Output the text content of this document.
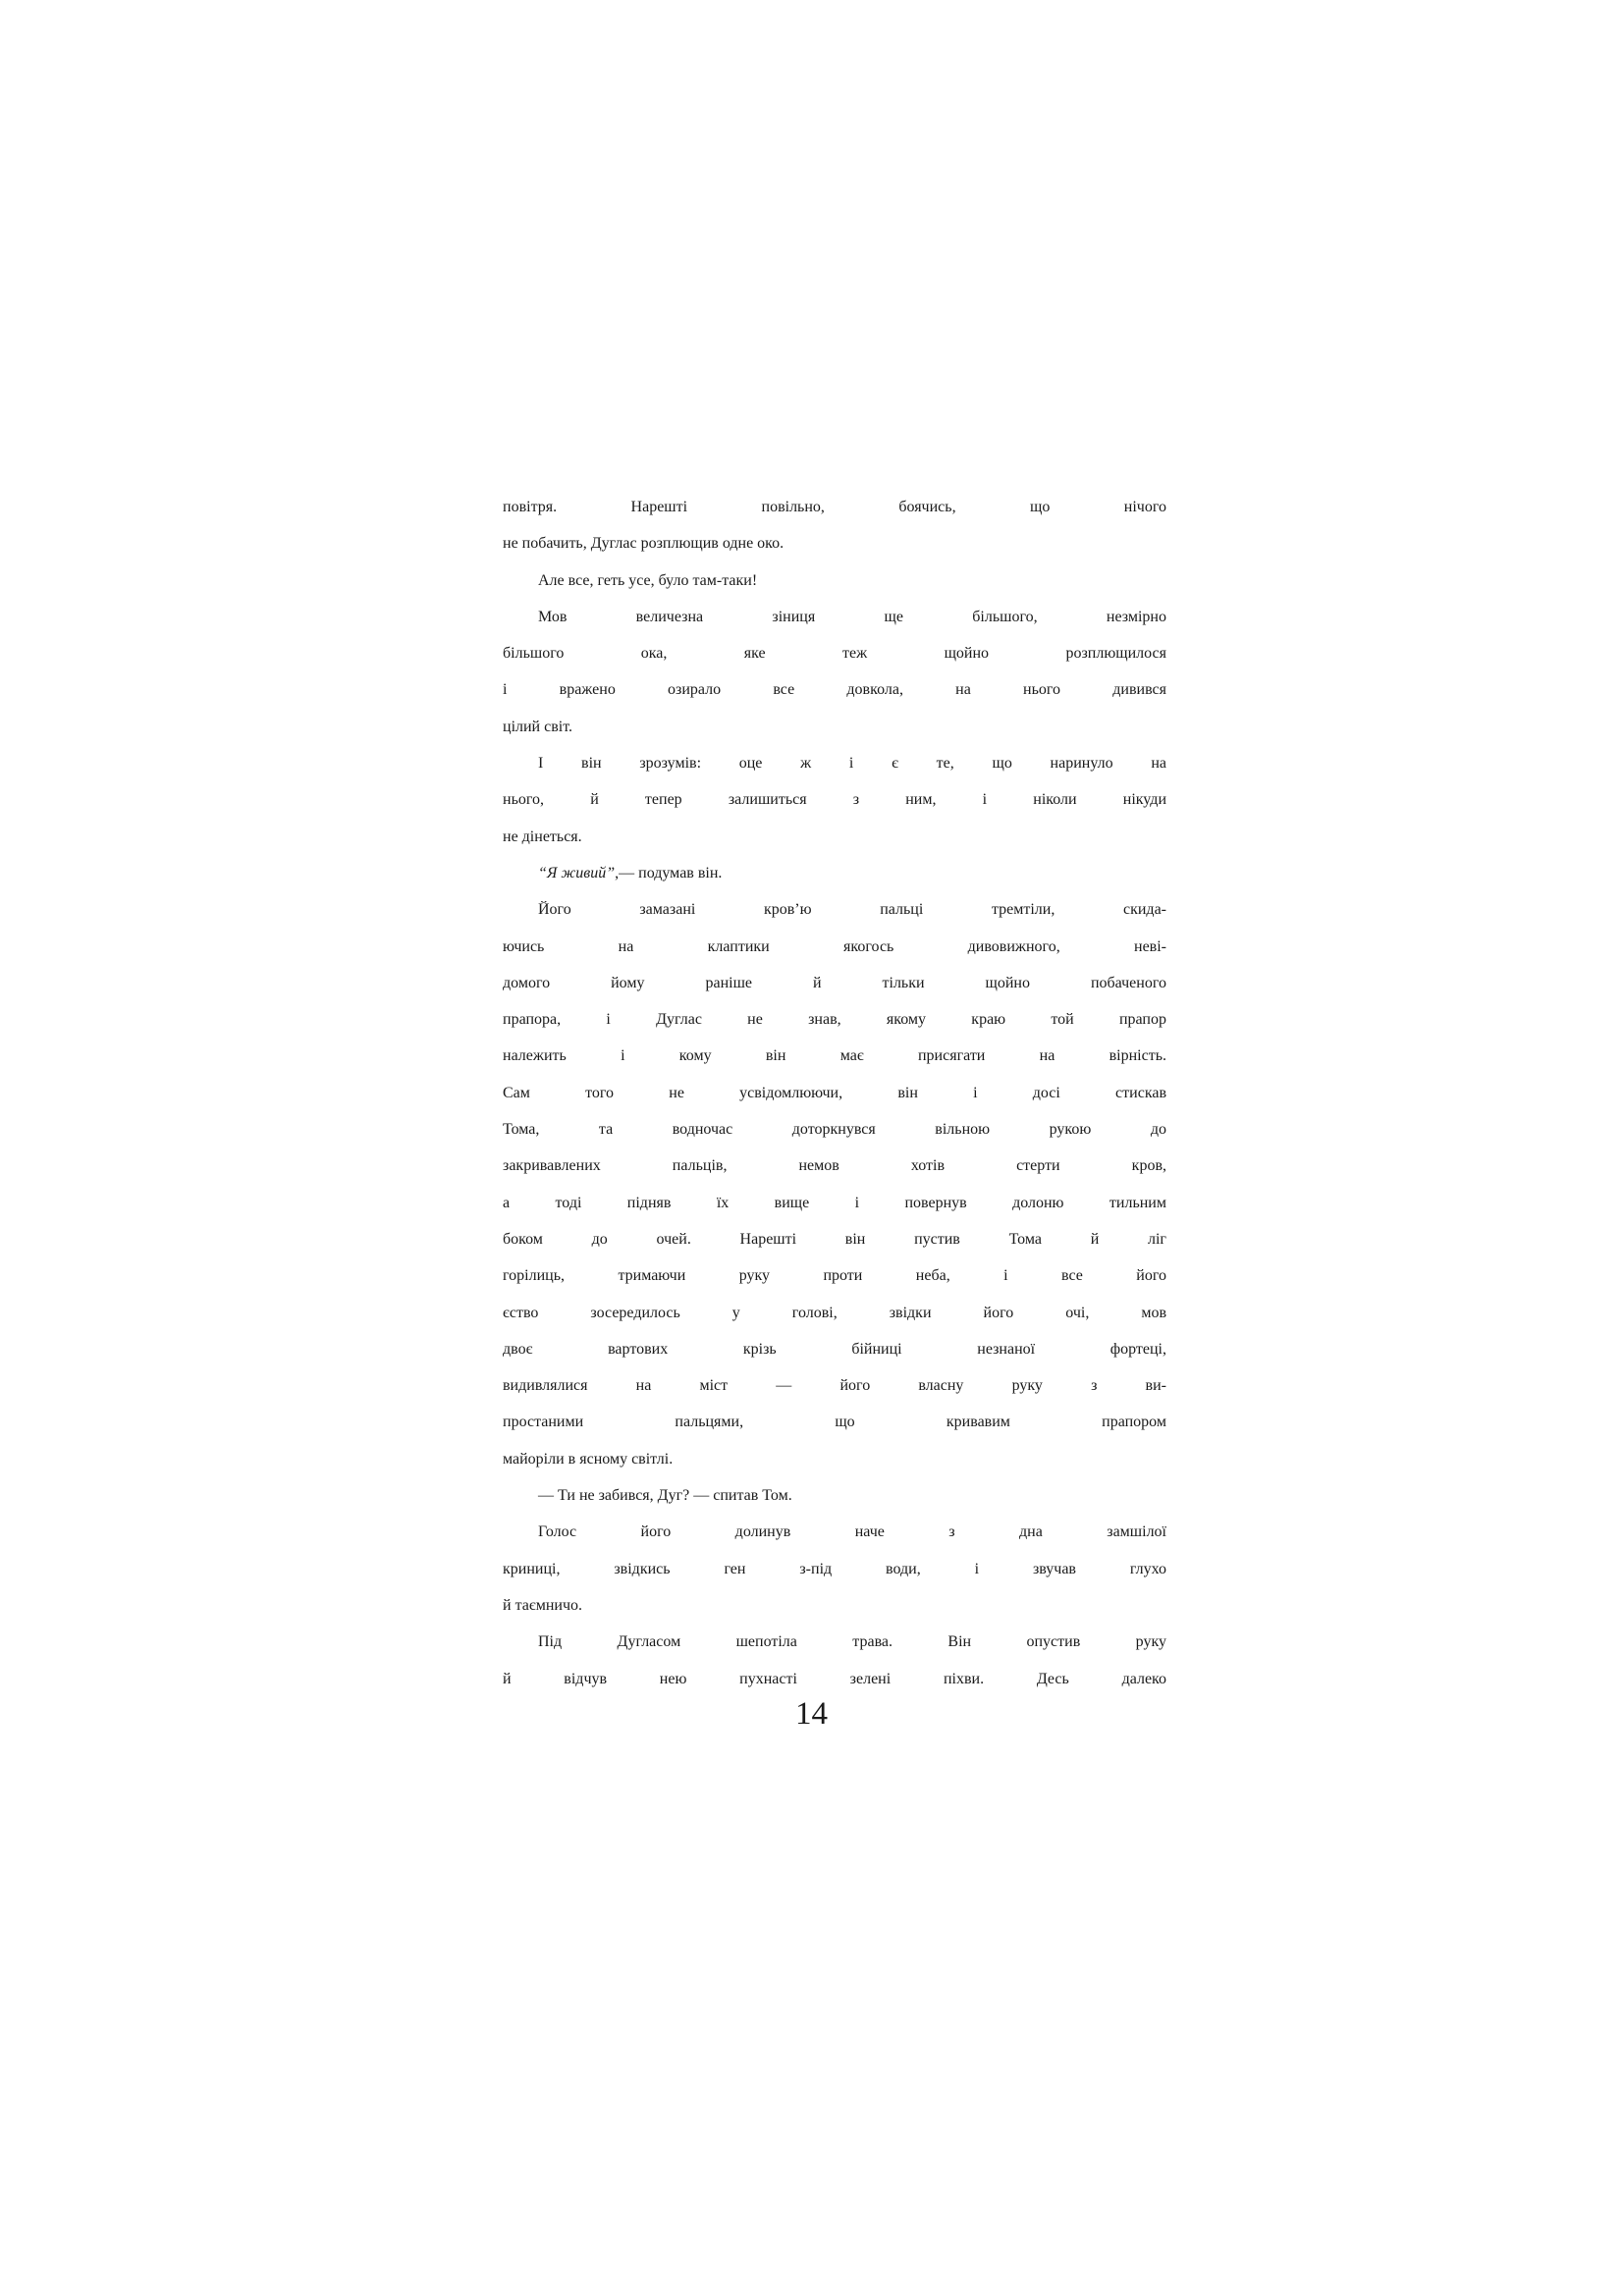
повітря. Нарешті повільно, боячись, що нічого
не побачить, Дуглас розплющив одне око.
Але все, геть усе, було там-таки!
Мов величезна зіниця ще більшого, незмірно
більшого ока, яке теж щойно розплющилося
і вражено озирало все довкола, на нього дивився
цілий світ.
І він зрозумів: оце ж і є те, що наринуло на
нього, й тепер залишиться з ним, і ніколи нікуди
не дінеться.
“Я живий”,— подумав він.
Його замазані кров’ю пальці тремтіли, скида-
ючись на клаптики якогось дивовижного, неві-
домого йому раніше й тільки щойно побаченого
прапора, і Дуглас не знав, якому краю той прапор
належить і кому він має присягати на вірність.
Сам того не усвідомлюючи, він і досі стискав
Тома, та водночас доторкнувся вільною рукою до
закривавлених пальців, немов хотів стерти кров,
а тоді підняв їх вище і повернув долоню тильним
боком до очей. Нарешті він пустив Тома й ліг
горілиць, тримаючи руку проти неба, і все його
єство зосередилось у голові, звідки його очі, мов
двоє вартових крізь бійниці незнаної фортеці,
видивлялися на міст — його власну руку з ви-
простаними пальцями, що кривавим прапором
майоріли в ясному світлі.
— Ти не забився, Дуг? — спитав Том.
Голос його долинув наче з дна замшілої
криниці, звідкись ген з-під води, і звучав глухо
й таємничо.
Під Дугласом шепотіла трава. Він опустив руку
й відчув нею пухнасті зелені піхви. Десь далеко
14
